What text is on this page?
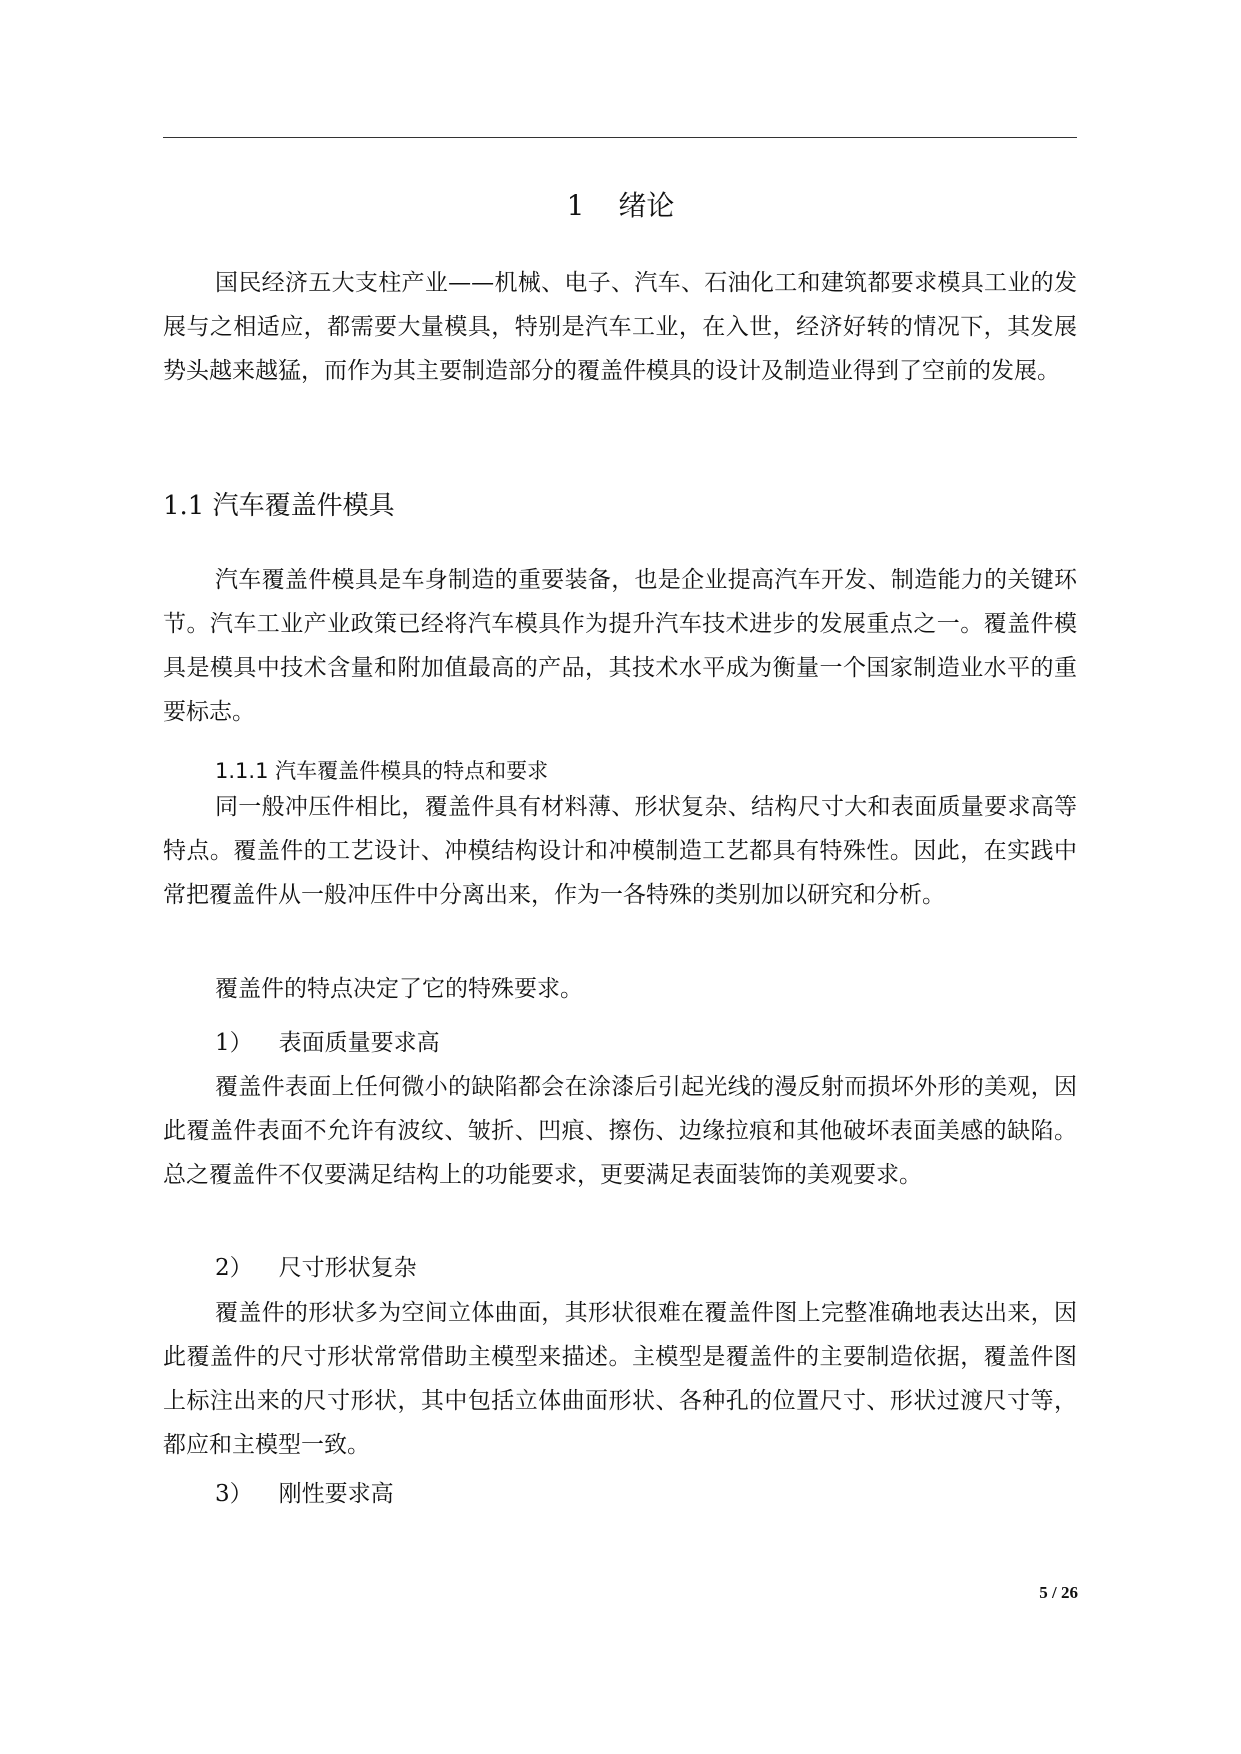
1 绪论

国民经济五大支柱产业——机械、电子、汽车、石油化工和建筑都要求模具工业的发展与之相适应，都需要大量模具，特别是汽车工业，在入世，经济好转的情况下，其发展势头越来越猛，而作为其主要制造部分的覆盖件模具的设计及制造业得到了空前的发展。

1.1 汽车覆盖件模具

汽车覆盖件模具是车身制造的重要装备，也是企业提高汽车开发、制造能力的关键环节。汽车工业产业政策已经将汽车模具作为提升汽车技术进步的发展重点之一。覆盖件模具是模具中技术含量和附加值最高的产品，其技术水平成为衡量一个国家制造业水平的重要标志。

1.1.1 汽车覆盖件模具的特点和要求

同一般冲压件相比，覆盖件具有材料薄、形状复杂、结构尺寸大和表面质量要求高等特点。覆盖件的工艺设计、冲模结构设计和冲模制造工艺都具有特殊性。因此，在实践中常把覆盖件从一般冲压件中分离出来，作为一各特殊的类别加以研究和分析。

覆盖件的特点决定了它的特殊要求。

1） 表面质量要求高

覆盖件表面上任何微小的缺陷都会在涂漆后引起光线的漫反射而损坏外形的美观，因此覆盖件表面不允许有波纹、皱折、凹痕、擦伤、边缘拉痕和其他破坏表面美感的缺陷。总之覆盖件不仅要满足结构上的功能要求，更要满足表面装饰的美观要求。

2） 尺寸形状复杂

覆盖件的形状多为空间立体曲面，其形状很难在覆盖件图上完整准确地表达出来，因此覆盖件的尺寸形状常常借助主模型来描述。主模型是覆盖件的主要制造依据，覆盖件图上标注出来的尺寸形状，其中包括立体曲面形状、各种孔的位置尺寸、形状过渡尺寸等，都应和主模型一致。

3） 刚性要求高

5 / 26
